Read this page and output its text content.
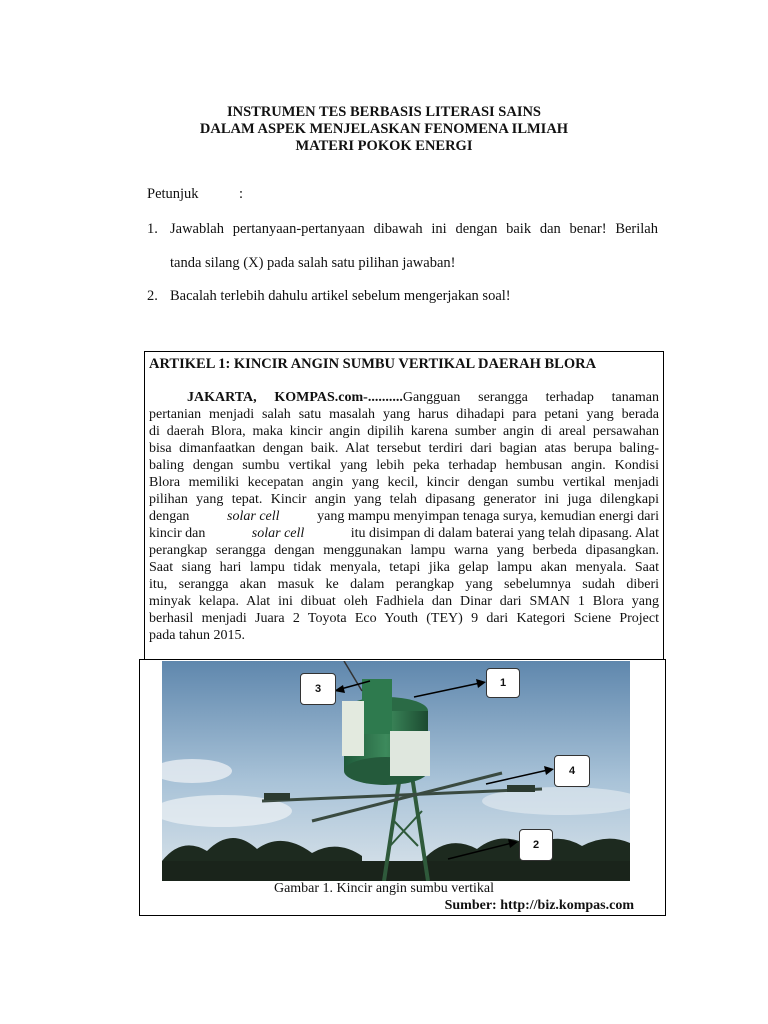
INSTRUMEN TES BERBASIS LITERASI SAINS
DALAM ASPEK MENJELASKAN FENOMENA ILMIAH
MATERI POKOK ENERGI
Petunjuk	:
1. Jawablah pertanyaan-pertanyaan dibawah ini dengan baik dan benar! Berilah
tanda silang (X) pada salah satu pilihan jawaban!
2. Bacalah terlebih dahulu artikel sebelum mengerjakan soal!
ARTIKEL 1: KINCIR ANGIN SUMBU VERTIKAL DAERAH BLORA
JAKARTA, KOMPAS.com-..........Gangguan serangga terhadap tanaman
pertanian menjadi salah satu masalah yang harus dihadapi para petani yang berada
di daerah Blora, maka kincir angin dipilih karena sumber angin di areal persawahan
bisa dimanfaatkan dengan baik. Alat tersebut terdiri dari bagian atas berupa baling-
baling dengan sumbu vertikal yang lebih peka terhadap hembusan angin. Kondisi
Blora memiliki kecepatan angin yang kecil, kincir dengan sumbu vertikal menjadi
pilihan yang tepat. Kincir angin yang telah dipasang generator ini juga dilengkapi
dengan	solar cell	yang mampu menyimpan tenaga surya, kemudian energi dari
kincir dan	solar cell	itu disimpan di dalam baterai yang telah dipasang. Alat
perangkap serangga dengan menggunakan lampu warna yang berbeda dipasangkan.
Saat siang hari lampu tidak menyala, tetapi jika gelap lampu akan menyala. Saat
itu, serangga akan masuk ke dalam perangkap yang sebelumnya sudah diberi
minyak kelapa. Alat ini dibuat oleh Fadhiela dan Dinar dari SMAN 1 Blora yang
berhasil menjadi Juara 2 Toyota Eco Youth (TEY) 9 dari Kategori Sciene Project
pada tahun 2015.
1
2
3
4
Gambar 1. Kincir angin sumbu vertikal
Sumber: http://biz.kompas.com
